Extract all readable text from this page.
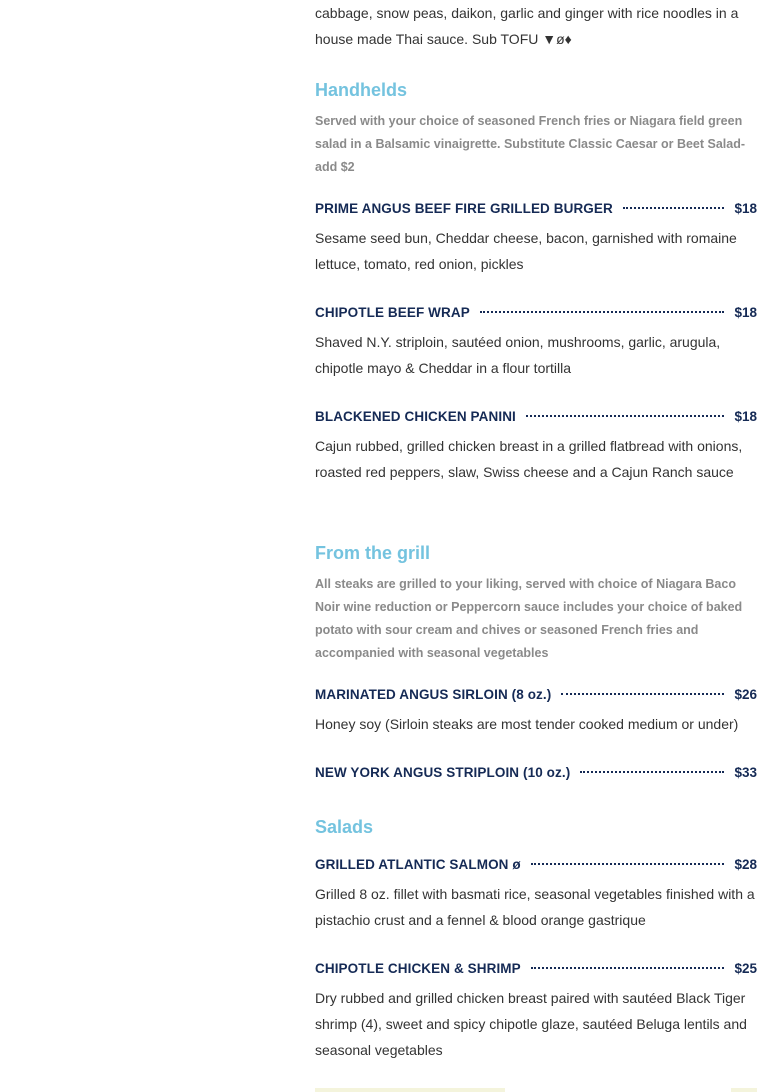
cabbage, snow peas, daikon, garlic and ginger with rice noodles in a house made Thai sauce. Sub TOFU ▼ø♦
Handhelds
Served with your choice of seasoned French fries or Niagara field green salad in a Balsamic vinaigrette. Substitute Classic Caesar or Beet Salad- add $2
PRIME ANGUS BEEF FIRE GRILLED BURGER	$18
Sesame seed bun, Cheddar cheese, bacon, garnished with romaine lettuce, tomato, red onion, pickles
CHIPOTLE BEEF WRAP	$18
Shaved N.Y. striploin, sautéed onion, mushrooms, garlic, arugula, chipotle mayo & Cheddar in a flour tortilla
BLACKENED CHICKEN PANINI	$18
Cajun rubbed, grilled chicken breast in a grilled flatbread with onions, roasted red peppers, slaw, Swiss cheese and a Cajun Ranch sauce
From the grill
All steaks are grilled to your liking, served with choice of Niagara Baco Noir wine reduction or Peppercorn sauce includes your choice of baked potato with sour cream and chives or seasoned French fries and accompanied with seasonal vegetables
MARINATED ANGUS SIRLOIN (8 oz.)	$26
Honey soy (Sirloin steaks are most tender cooked medium or under)
NEW YORK ANGUS STRIPLOIN (10 oz.)	$33
Salads
GRILLED ATLANTIC SALMON ø	$28
Grilled 8 oz. fillet with basmati rice, seasonal vegetables finished with a pistachio crust and a fennel & blood orange gastrique
CHIPOTLE CHICKEN & SHRIMP	$25
Dry rubbed and grilled chicken breast paired with sautéed Black Tiger shrimp (4), sweet and spicy chipotle glaze, sautéed Beluga lentils and seasonal vegetables
